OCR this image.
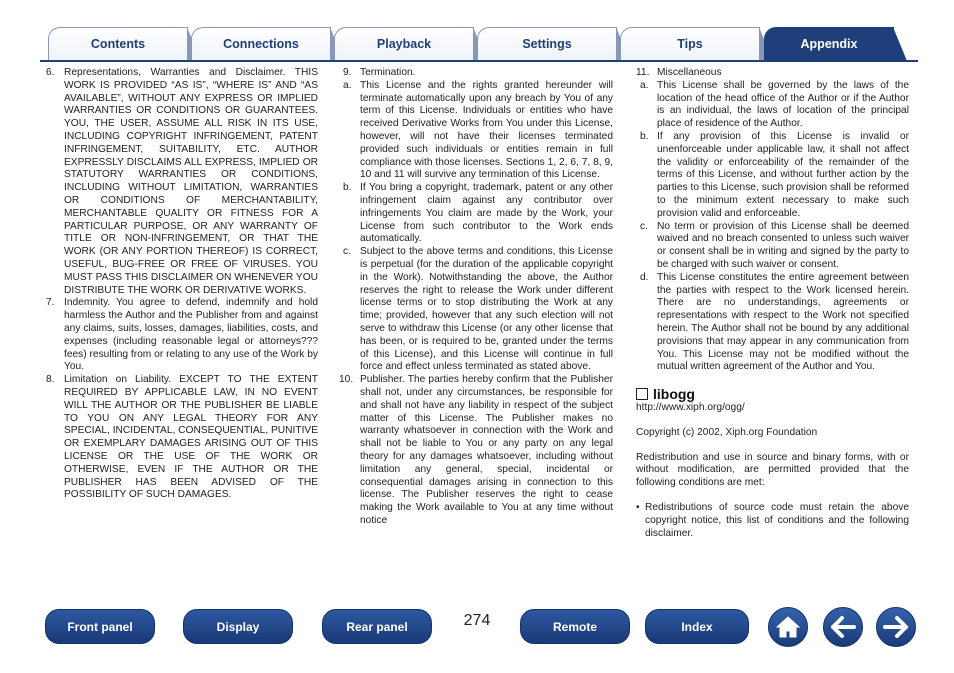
Contents	Connections	Playback	Settings	Tips	Appendix
6. Representations, Warranties and Disclaimer. THIS WORK IS PROVIDED “AS IS”, “WHERE IS” AND “AS AVAILABLE”, WITHOUT ANY EXPRESS OR IMPLIED WARRANTIES OR CONDITIONS OR GUARANTEES. YOU, THE USER, ASSUME ALL RISK IN ITS USE, INCLUDING COPYRIGHT INFRINGEMENT, PATENT INFRINGEMENT, SUITABILITY, ETC. AUTHOR EXPRESSLY DISCLAIMS ALL EXPRESS, IMPLIED OR STATUTORY WARRANTIES OR CONDITIONS, INCLUDING WITHOUT LIMITATION, WARRANTIES OR CONDITIONS OF MERCHANTABILITY, MERCHANTABLE QUALITY OR FITNESS FOR A PARTICULAR PURPOSE, OR ANY WARRANTY OF TITLE OR NON-INFRINGEMENT, OR THAT THE WORK (OR ANY PORTION THEREOF) IS CORRECT, USEFUL, BUG-FREE OR FREE OF VIRUSES. YOU MUST PASS THIS DISCLAIMER ON WHENEVER YOU DISTRIBUTE THE WORK OR DERIVATIVE WORKS.
7. Indemnity. You agree to defend, indemnify and hold harmless the Author and the Publisher from and against any claims, suits, losses, damages, liabilities, costs, and expenses (including reasonable legal or attorneys??? fees) resulting from or relating to any use of the Work by You.
8. Limitation on Liability. EXCEPT TO THE EXTENT REQUIRED BY APPLICABLE LAW, IN NO EVENT WILL THE AUTHOR OR THE PUBLISHER BE LIABLE TO YOU ON ANY LEGAL THEORY FOR ANY SPECIAL, INCIDENTAL, CONSEQUENTIAL, PUNITIVE OR EXEMPLARY DAMAGES ARISING OUT OF THIS LICENSE OR THE USE OF THE WORK OR OTHERWISE, EVEN IF THE AUTHOR OR THE PUBLISHER HAS BEEN ADVISED OF THE POSSIBILITY OF SUCH DAMAGES.
9. Termination.
a. This License and the rights granted hereunder will terminate automatically upon any breach by You of any term of this License. Individuals or entities who have received Derivative Works from You under this License, however, will not have their licenses terminated provided such individuals or entities remain in full compliance with those licenses. Sections 1, 2, 6, 7, 8, 9, 10 and 11 will survive any termination of this License.
b. If You bring a copyright, trademark, patent or any other infringement claim against any contributor over infringements You claim are made by the Work, your License from such contributor to the Work ends automatically.
c. Subject to the above terms and conditions, this License is perpetual (for the duration of the applicable copyright in the Work). Notwithstanding the above, the Author reserves the right to release the Work under different license terms or to stop distributing the Work at any time; provided, however that any such election will not serve to withdraw this License (or any other license that has been, or is required to be, granted under the terms of this License), and this License will continue in full force and effect unless terminated as stated above.
10. Publisher. The parties hereby confirm that the Publisher shall not, under any circumstances, be responsible for and shall not have any liability in respect of the subject matter of this License. The Publisher makes no warranty whatsoever in connection with the Work and shall not be liable to You or any party on any legal theory for any damages whatsoever, including without limitation any general, special, incidental or consequential damages arising in connection to this license. The Publisher reserves the right to cease making the Work available to You at any time without notice
11. Miscellaneous
a. This License shall be governed by the laws of the location of the head office of the Author or if the Author is an individual, the laws of location of the principal place of residence of the Author.
b. If any provision of this License is invalid or unenforceable under applicable law, it shall not affect the validity or enforceability of the remainder of the terms of this License, and without further action by the parties to this License, such provision shall be reformed to the minimum extent necessary to make such provision valid and enforceable.
c. No term or provision of this License shall be deemed waived and no breach consented to unless such waiver or consent shall be in writing and signed by the party to be charged with such waiver or consent.
d. This License constitutes the entire agreement between the parties with respect to the Work licensed herein. There are no understandings, agreements or representations with respect to the Work not specified herein. The Author shall not be bound by any additional provisions that may appear in any communication from You. This License may not be modified without the mutual written agreement of the Author and You.
libogg
http://www.xiph.org/ogg/
Copyright (c) 2002, Xiph.org Foundation
Redistribution and use in source and binary forms, with or without modification, are permitted provided that the following conditions are met:
• Redistributions of source code must retain the above copyright notice, this list of conditions and the following disclaimer.
Front panel	Display	Rear panel	274	Remote	Index
